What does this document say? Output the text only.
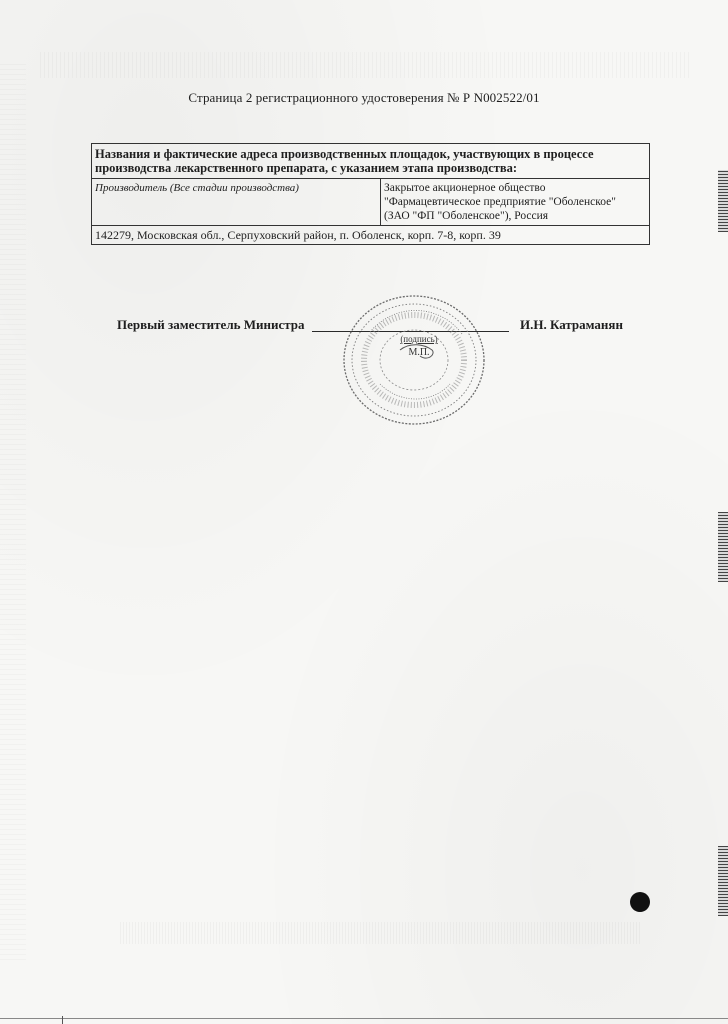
Страница 2 регистрационного удостоверения № Р N002522/01
Названия и фактические адреса производственных площадок, участвующих в процессе
производства лекарственного препарата, с указанием этапа производства:

Производитель (Все стадии производства)	Закрытое акционерное общество
"Фармацевтическое предприятие "Оболенское"
(ЗАО "ФП "Оболенское"), Россия

142279, Московская обл., Серпуховский район, п. Оболенск, корп. 7-8, корп. 39
Первый заместитель Министра	И.Н. Катраманян
(подпись)
М.П.
